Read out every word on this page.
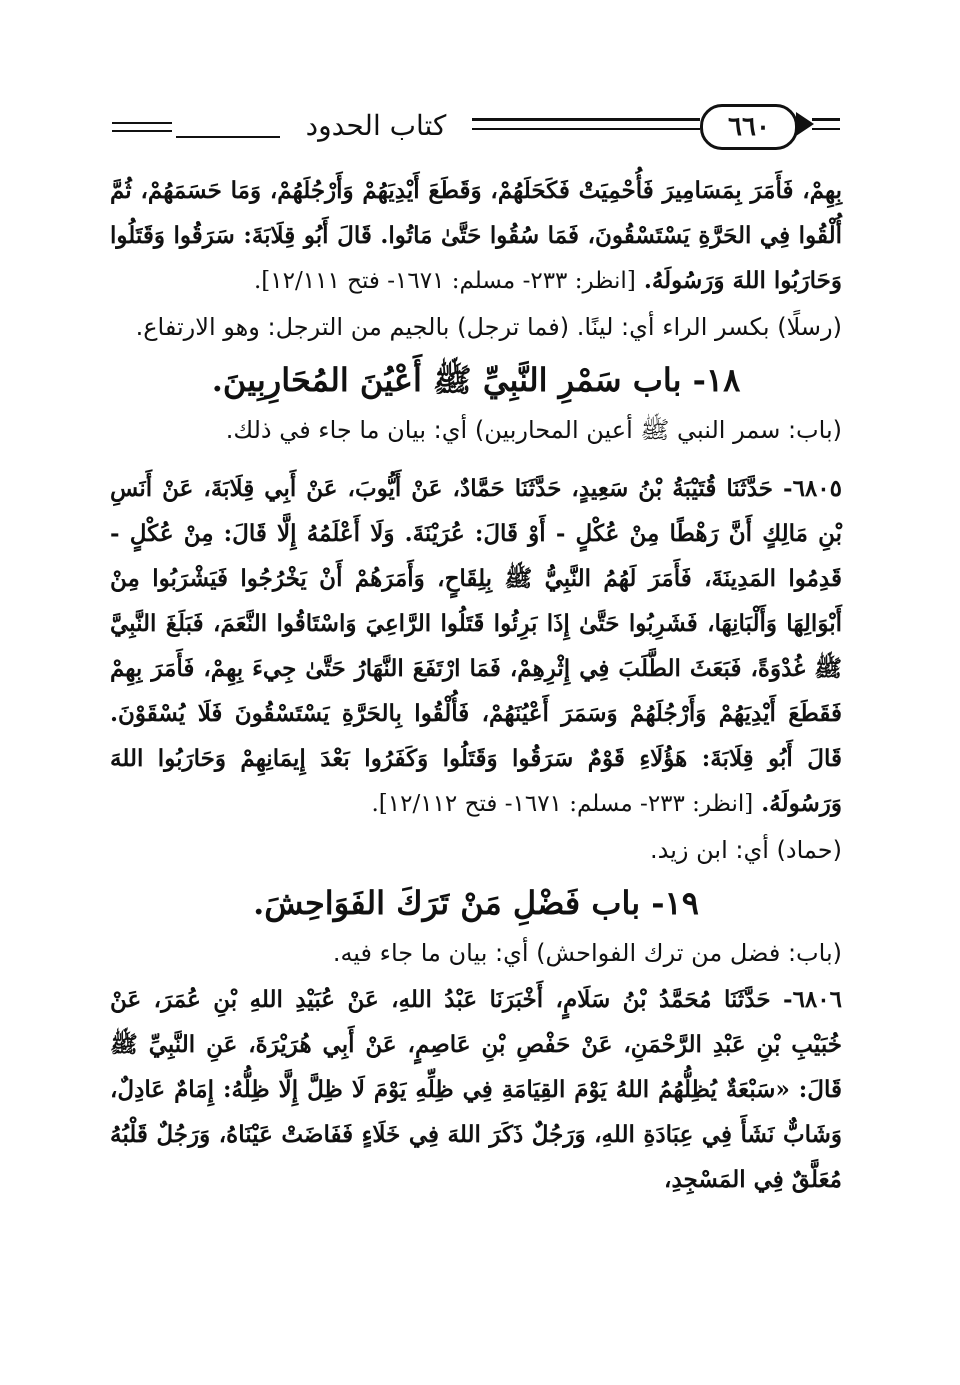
كتاب الحدود	٦٦٠

بِهِمْ، فَأَمَرَ بِمَسَامِيرَ فَأُحْمِيَتْ فَكَحَلَهُمْ، وَقَطَعَ أَيْدِيَهُمْ وَأَرْجُلَهُمْ، وَمَا حَسَمَهُمْ، ثُمَّ أُلْقُوا فِي الحَرَّةِ يَسْتَسْقُونَ، فَمَا سُقُوا حَتَّىٰ مَاتُوا. قَالَ أَبُو قِلَابَةَ: سَرَقُوا وَقَتَلُوا وَحَارَبُوا اللهَ وَرَسُولَهُ. [انظر: ٢٣٣- مسلم: ١٦٧١- فتح ١٢/١١١].

(رسلًا) بكسر الراء أي: لينًا. (فما ترجل) بالجيم من الترجل: وهو الارتفاع.

١٨- باب سَمْرِ النَّبِيِّ ﷺ أَعْيُنَ المُحَارِبِينَ.

(باب: سمر النبي ﷺ أعين المحاربين) أي: بيان ما جاء في ذلك.

٦٨٠٥- حَدَّثَنَا قُتَيْبَةُ بْنُ سَعِيدٍ، حَدَّثَنَا حَمَّادٌ، عَنْ أَيُّوبَ، عَنْ أَبِي قِلَابَةَ، عَنْ أَنَسِ بْنِ مَالِكٍ أَنَّ رَهْطًا مِنْ عُكْلٍ - أَوْ قَالَ: عُرَيْنَةَ. وَلَا أَعْلَمُهُ إِلَّا قَالَ: مِنْ عُكْلٍ - قَدِمُوا المَدِينَةَ، فَأَمَرَ لَهُمُ النَّبِيُّ ﷺ بِلِقَاحٍ، وَأَمَرَهُمْ أَنْ يَخْرُجُوا فَيَشْرَبُوا مِنْ أَبْوَالِهَا وَأَلْبَانِهَا، فَشَرِبُوا حَتَّىٰ إِذَا بَرِئُوا قَتَلُوا الرَّاعِيَ وَاسْتَاقُوا النَّعَمَ، فَبَلَغَ النَّبِيَّ ﷺ غُدْوَةً، فَبَعَثَ الطَّلَبَ فِي إِثْرِهِمْ، فَمَا ارْتَفَعَ النَّهَارُ حَتَّىٰ جِيءَ بِهِمْ، فَأَمَرَ بِهِمْ فَقَطَعَ أَيْدِيَهُمْ وَأَرْجُلَهُمْ وَسَمَرَ أَعْيُنَهُمْ، فَأُلْقُوا بِالحَرَّةِ يَسْتَسْقُونَ فَلَا يُسْقَوْنَ. قَالَ أَبُو قِلَابَةَ: هَؤُلَاءِ قَوْمٌ سَرَقُوا وَقَتَلُوا وَكَفَرُوا بَعْدَ إِيمَانِهِمْ وَحَارَبُوا اللهَ وَرَسُولَهُ. [انظر: ٢٣٣- مسلم: ١٦٧١- فتح ١٢/١١٢].

(حماد) أي: ابن زيد.

١٩- باب فَضْلِ مَنْ تَرَكَ الفَوَاحِشَ.

(باب: فضل من ترك الفواحش) أي: بيان ما جاء فيه.

٦٨٠٦- حَدَّثَنَا مُحَمَّدُ بْنُ سَلَامٍ، أَخْبَرَنَا عَبْدُ اللهِ، عَنْ عُبَيْدِ اللهِ بْنِ عُمَرَ، عَنْ خُبَيْبِ بْنِ عَبْدِ الرَّحْمَنِ، عَنْ حَفْصِ بْنِ عَاصِمٍ، عَنْ أَبِي هُرَيْرَةَ، عَنِ النَّبِيِّ ﷺ قَالَ: «سَبْعَةٌ يُظِلُّهُمُ اللهُ يَوْمَ القِيَامَةِ فِي ظِلِّهِ يَوْمَ لَا ظِلَّ إِلَّا ظِلُّهُ: إِمَامٌ عَادِلٌ، وَشَابٌّ نَشَأَ فِي عِبَادَةِ اللهِ، وَرَجُلٌ ذَكَرَ اللهَ فِي خَلَاءٍ فَفَاضَتْ عَيْنَاهُ، وَرَجُلٌ قَلْبُهُ مُعَلَّقٌ فِي المَسْجِدِ،
